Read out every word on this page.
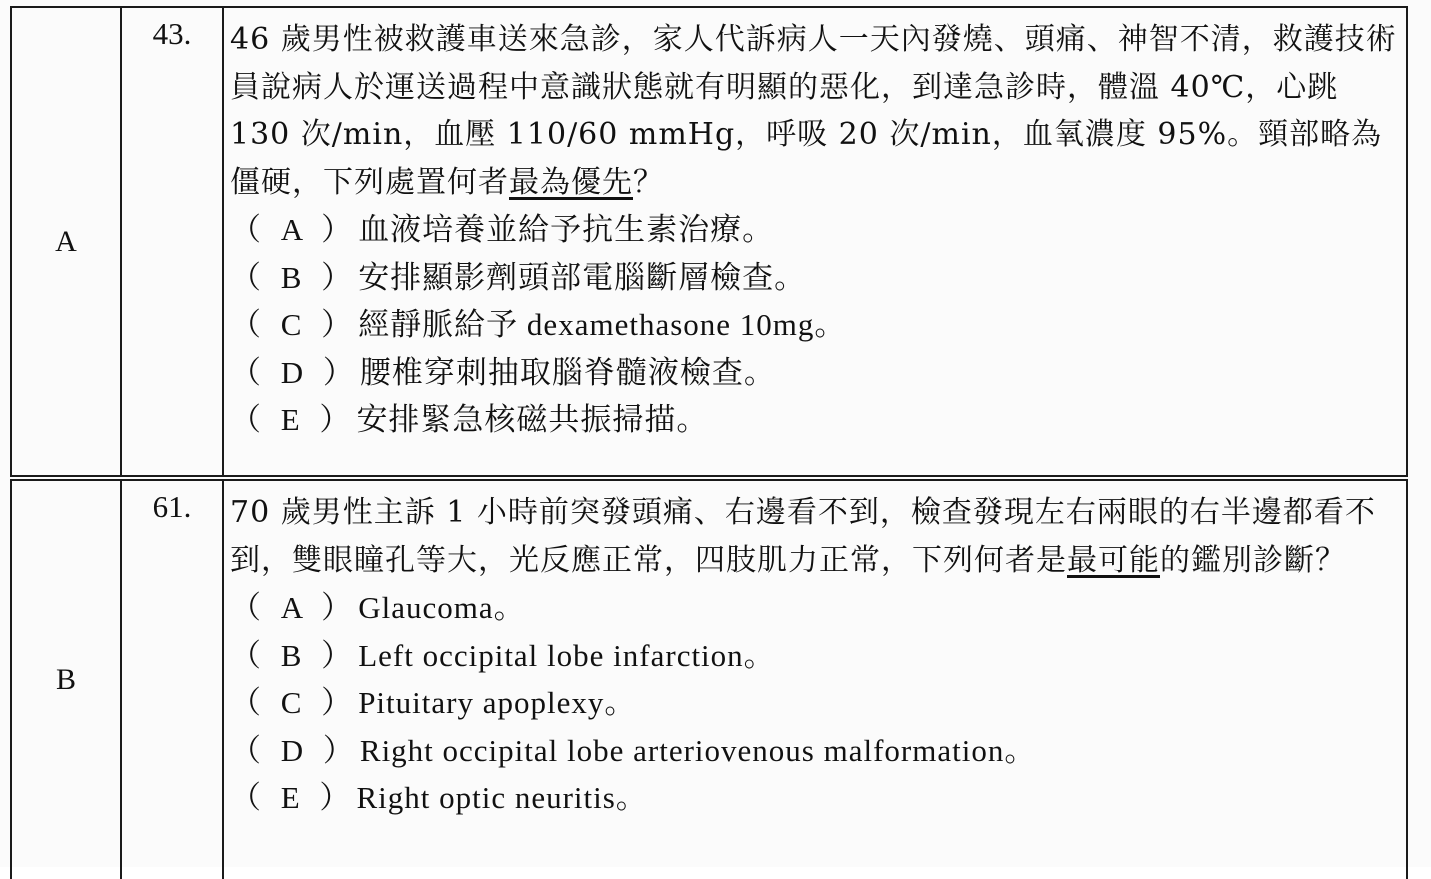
A
43.	46 歲男性被救護車送來急診，家人代訴病人一天內發燒、頭痛、神智不清，救護技術員說病人於運送過程中意識狀態就有明顯的惡化，到達急診時，體溫 40℃，心跳 130 次/min，血壓 110/60 mmHg，呼吸 20 次/min，血氧濃度 95%。頸部略為僵硬，下列處置何者最為優先？

（ A ）血液培養並給予抗生素治療。

（ B ）安排顯影劑頭部電腦斷層檢查。

（ C ）經靜脈給予 dexamethasone 10mg。

（ D ）腰椎穿刺抽取腦脊髓液檢查。

（ E ）安排緊急核磁共振掃描。

B
61.	70 歲男性主訴 1 小時前突發頭痛、右邊看不到，檢查發現左右兩眼的右半邊都看不到，雙眼瞳孔等大，光反應正常，四肢肌力正常，下列何者是最可能的鑑別診斷？

（ A ）Glaucoma。

（ B ）Left occipital lobe infarction。

（ C ）Pituitary apoplexy。

（ D ）Right occipital lobe arteriovenous malformation。

（ E ）Right optic neuritis。
